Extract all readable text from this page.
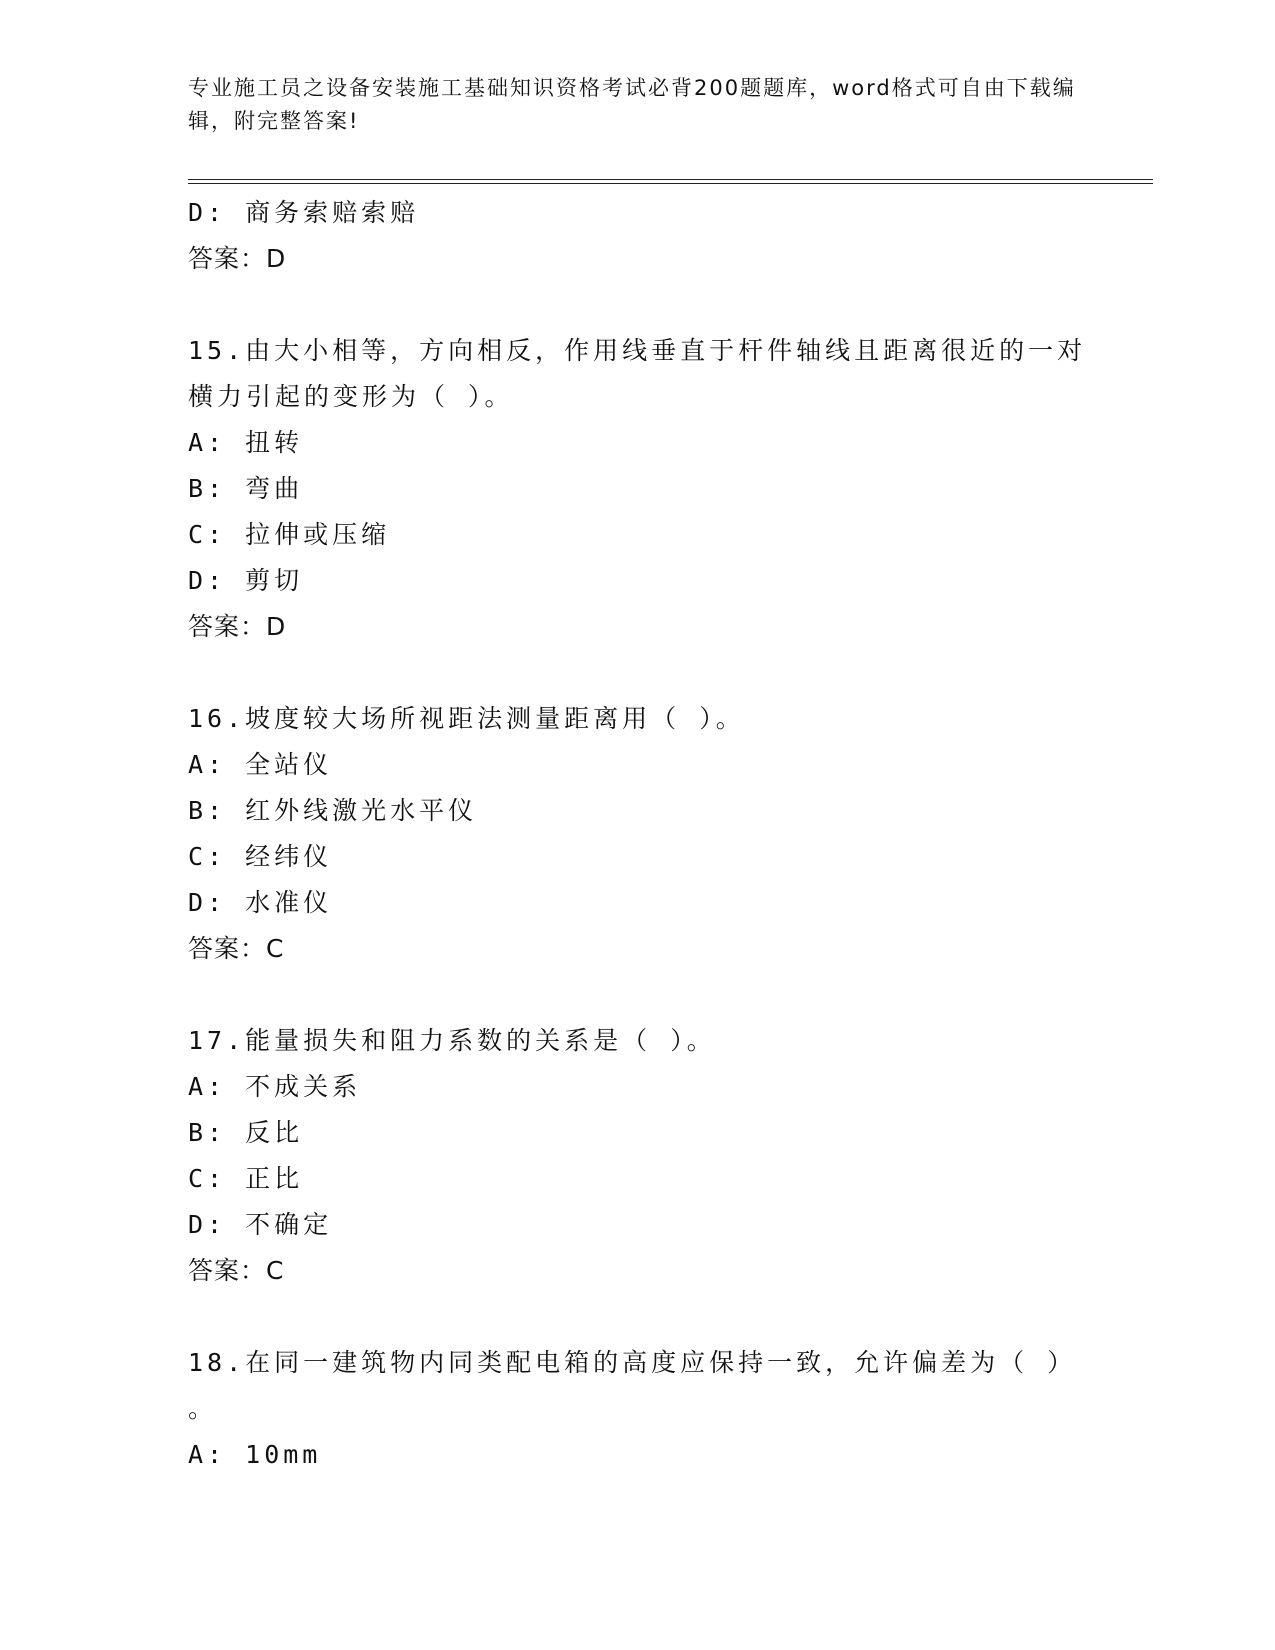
专业施工员之设备安装施工基础知识资格考试必背200题题库，word格式可自由下载编辑，附完整答案!
D: 商务索赔索赔
答案：D
15.由大小相等，方向相反，作用线垂直于杆件轴线且距离很近的一对
横力引起的变形为（ ）。
A: 扭转
B: 弯曲
C: 拉伸或压缩
D: 剪切
答案：D
16.坡度较大场所视距法测量距离用（ ）。
A: 全站仪
B: 红外线激光水平仪
C: 经纬仪
D: 水准仪
答案：C
17.能量损失和阻力系数的关系是（ ）。
A: 不成关系
B: 反比
C: 正比
D: 不确定
答案：C
18.在同一建筑物内同类配电箱的高度应保持一致，允许偏差为（ ）
。
A: 10mm
